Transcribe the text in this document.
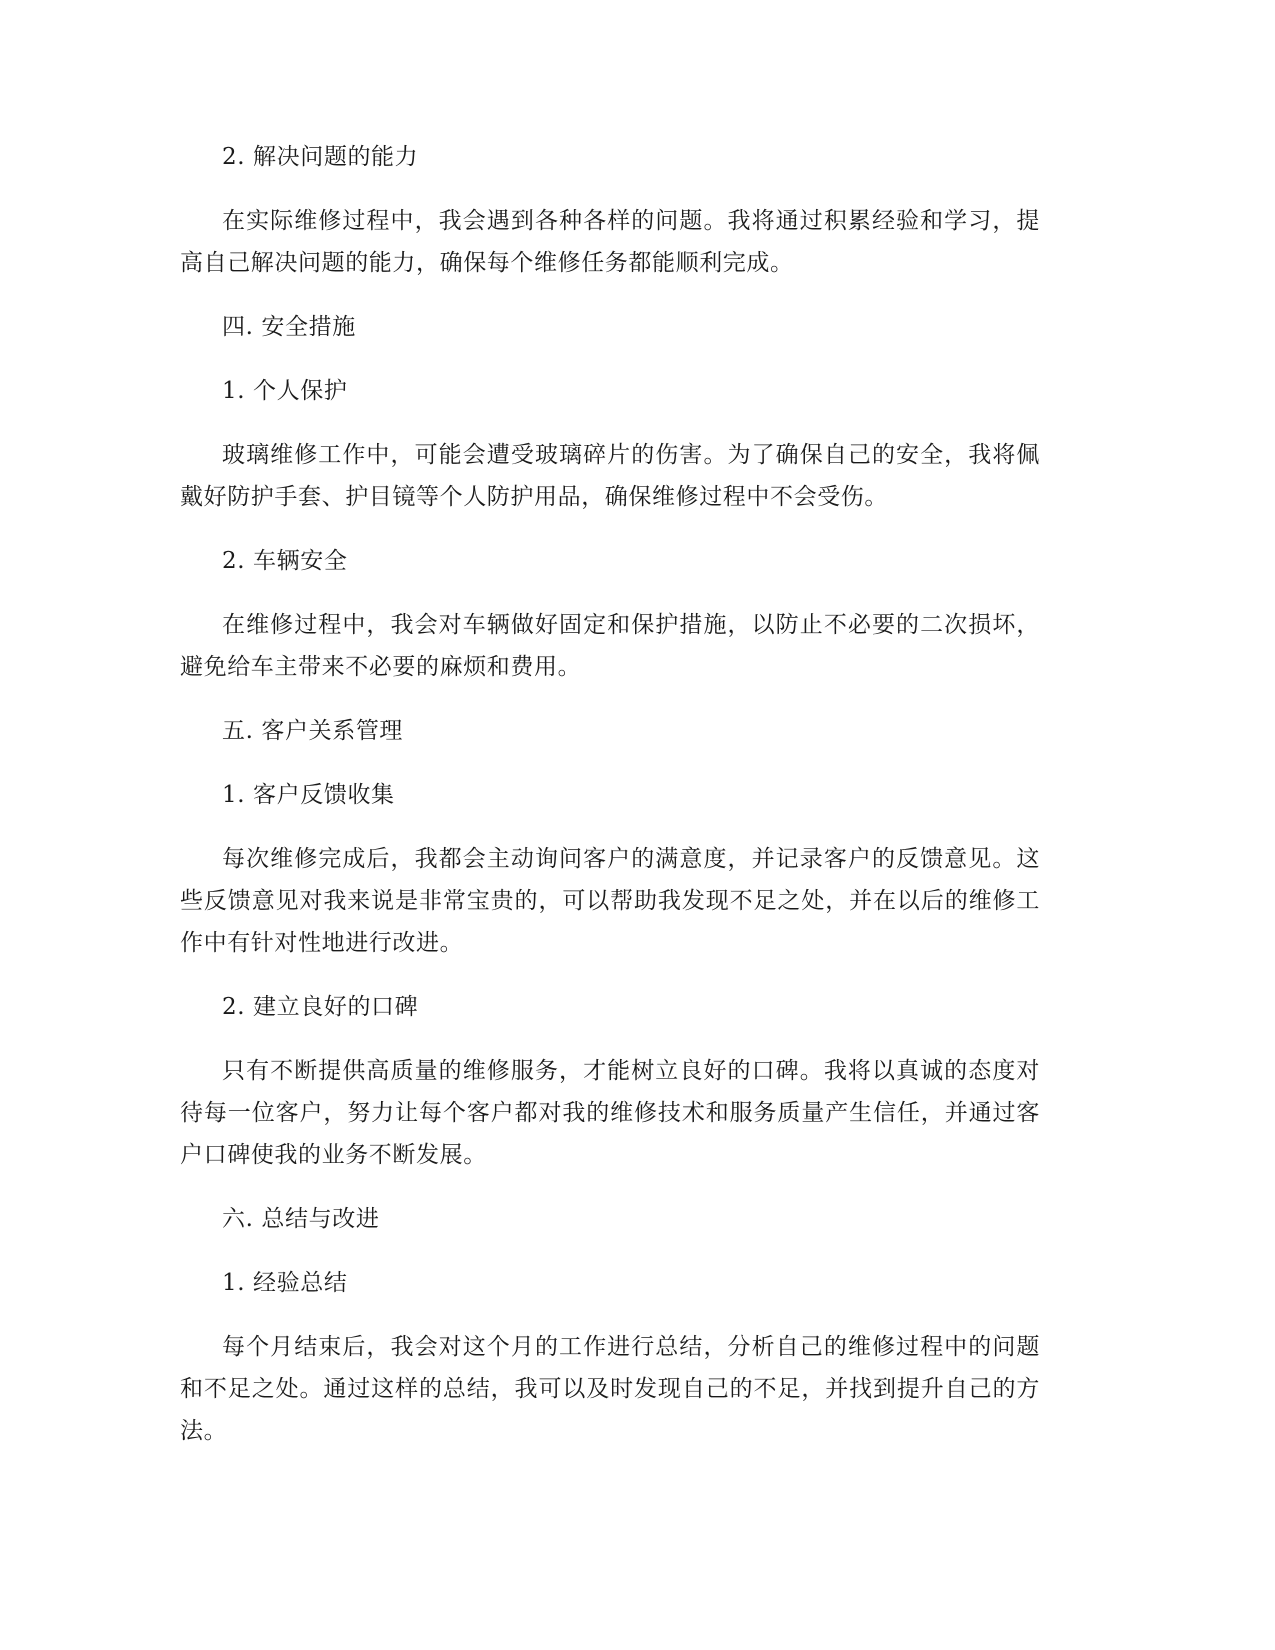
2. 解决问题的能力

在实际维修过程中，我会遇到各种各样的问题。我将通过积累经验和学习，提高自己解决问题的能力，确保每个维修任务都能顺利完成。

四. 安全措施

1. 个人保护

玻璃维修工作中，可能会遭受玻璃碎片的伤害。为了确保自己的安全，我将佩戴好防护手套、护目镜等个人防护用品，确保维修过程中不会受伤。

2. 车辆安全

在维修过程中，我会对车辆做好固定和保护措施，以防止不必要的二次损坏，避免给车主带来不必要的麻烦和费用。

五. 客户关系管理

1. 客户反馈收集

每次维修完成后，我都会主动询问客户的满意度，并记录客户的反馈意见。这些反馈意见对我来说是非常宝贵的，可以帮助我发现不足之处，并在以后的维修工作中有针对性地进行改进。

2. 建立良好的口碑

只有不断提供高质量的维修服务，才能树立良好的口碑。我将以真诚的态度对待每一位客户，努力让每个客户都对我的维修技术和服务质量产生信任，并通过客户口碑使我的业务不断发展。

六. 总结与改进

1. 经验总结

每个月结束后，我会对这个月的工作进行总结，分析自己的维修过程中的问题和不足之处。通过这样的总结，我可以及时发现自己的不足，并找到提升自己的方法。
